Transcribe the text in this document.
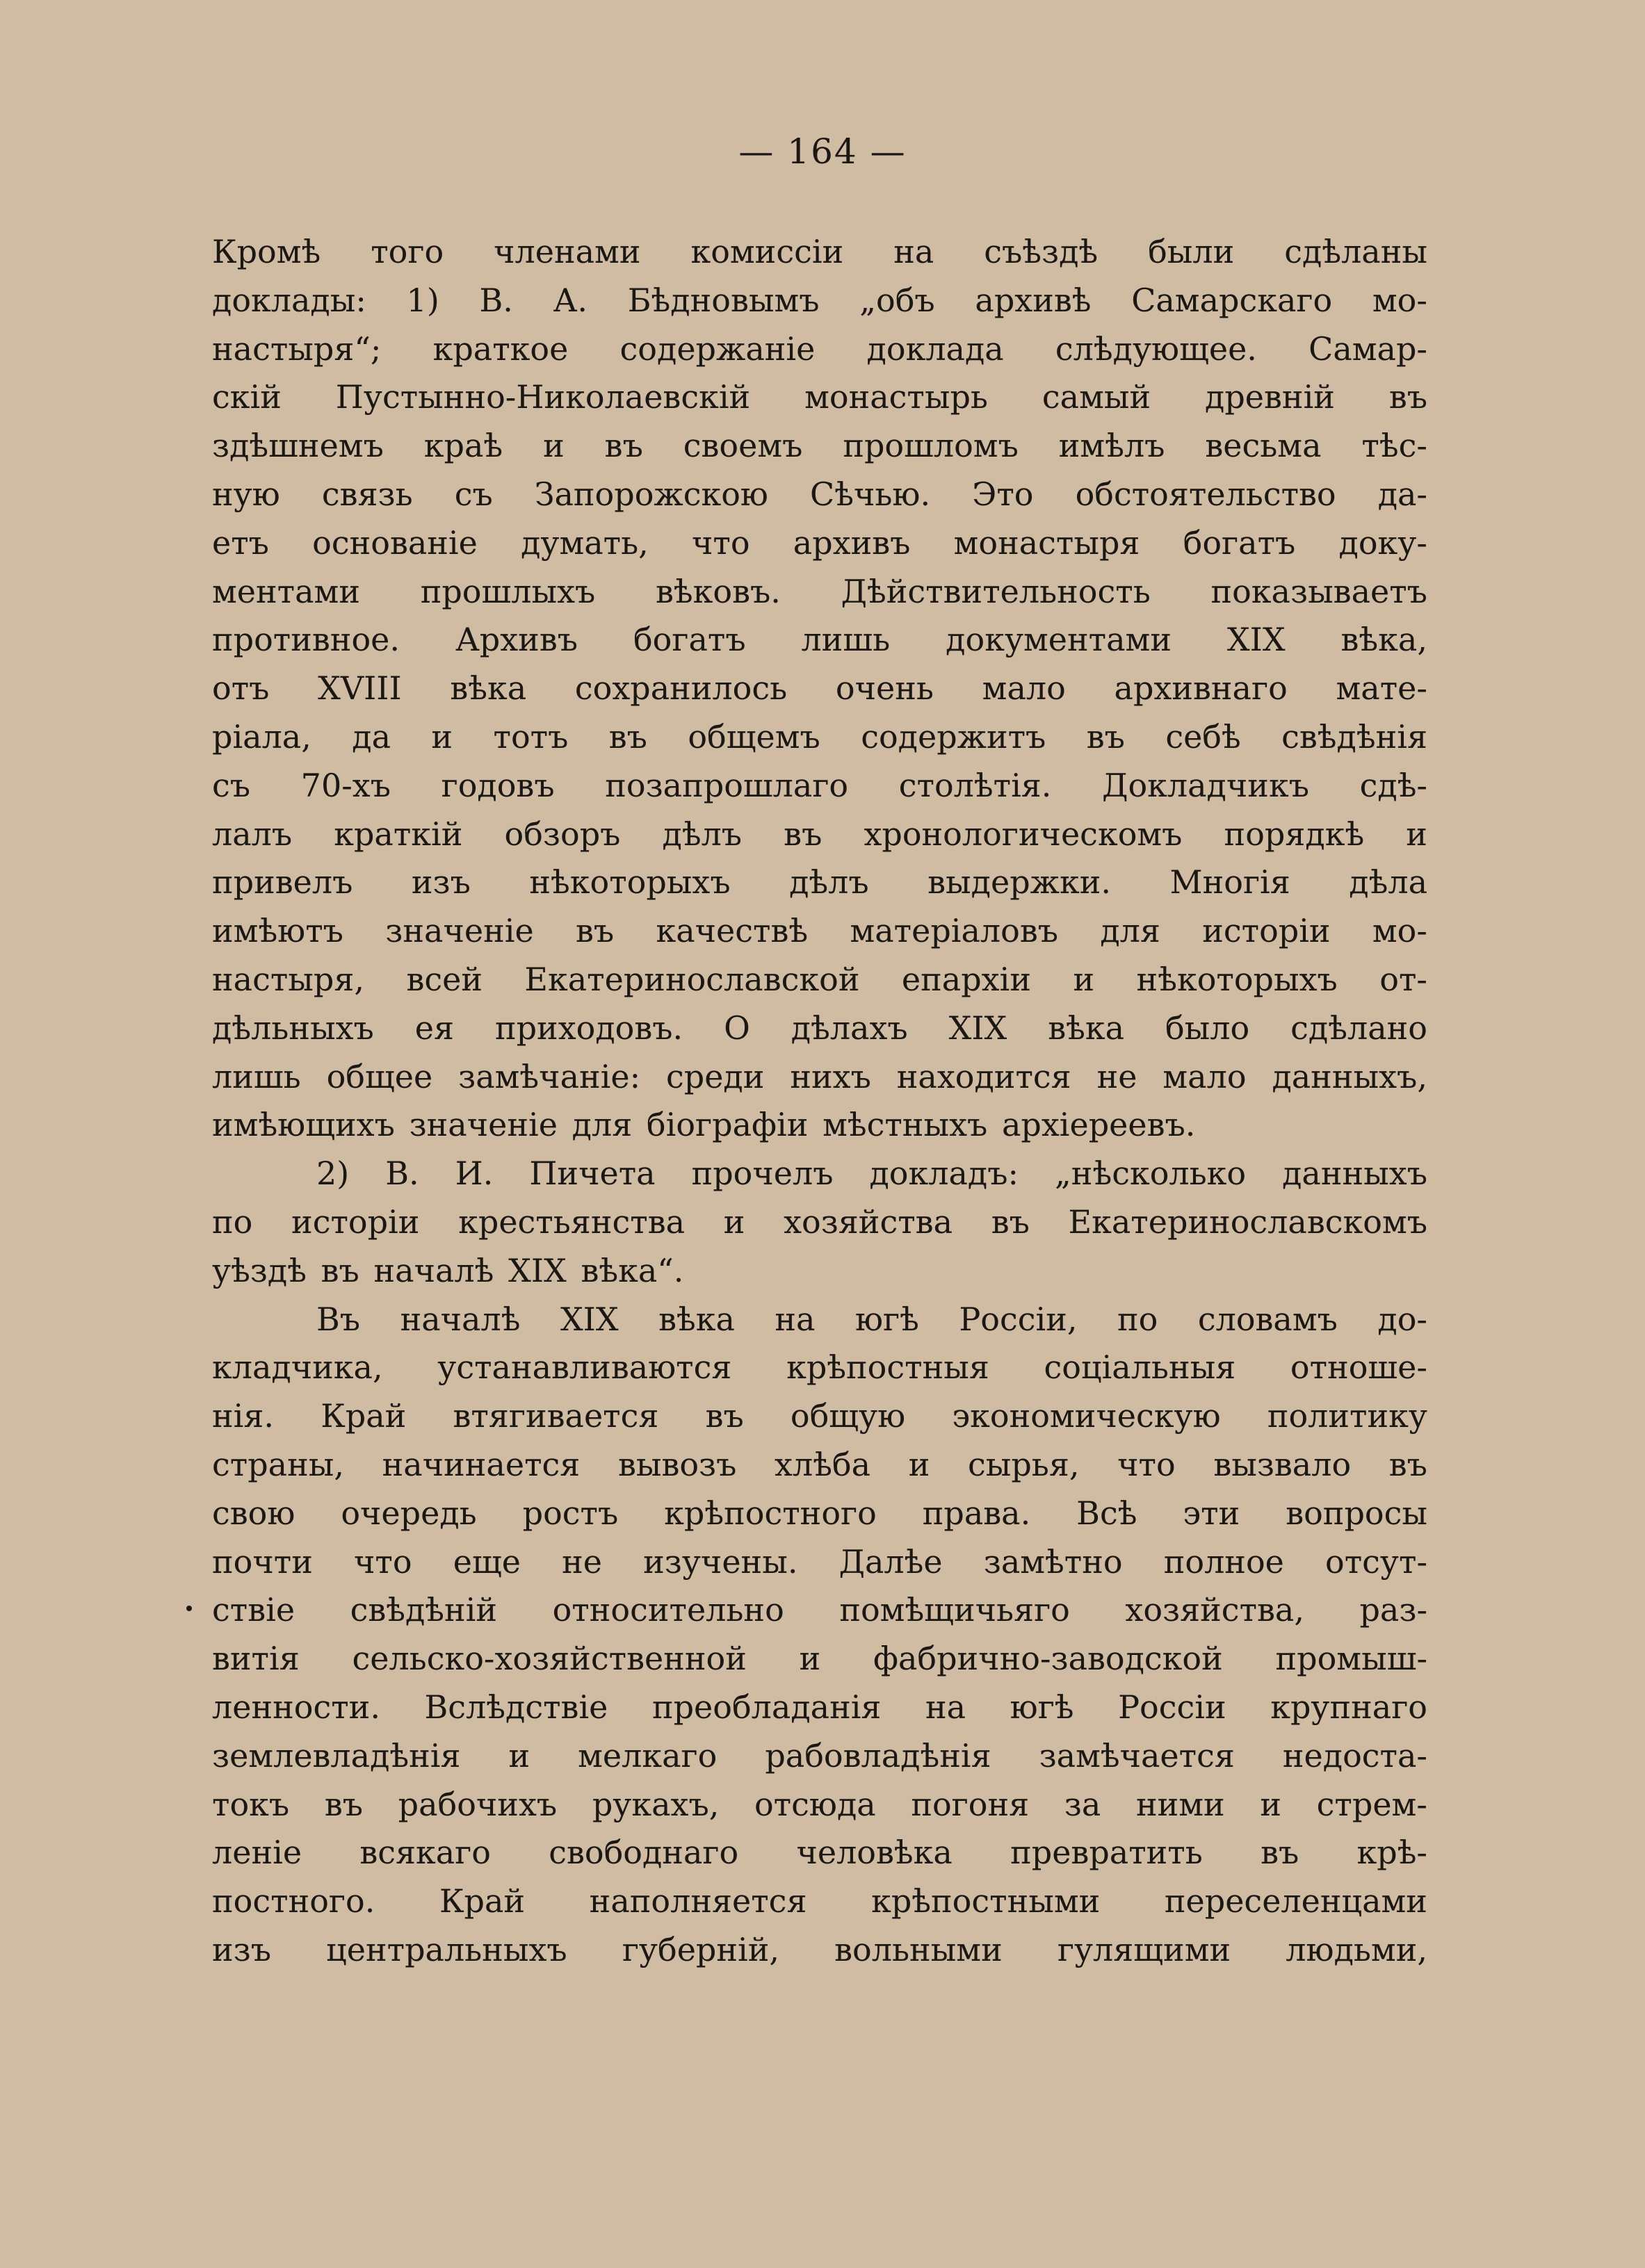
— 164 —
Кромѣ того членами комиссіи на съѣздѣ были сдѣланы
доклады: 1) В. А. Бѣдновымъ „объ архивѣ Самарскаго мо-
настыря“; краткое содержаніе доклада слѣдующее. Самар-
скій Пустынно-Николаевскій монастырь самый древній въ
здѣшнемъ краѣ и въ своемъ прошломъ имѣлъ весьма тѣс-
ную связь съ Запорожскою Сѣчью. Это обстоятельство да-
етъ основаніе думать, что архивъ монастыря богатъ доку-
ментами прошлыхъ вѣковъ. Дѣйствительность показываетъ
противное. Архивъ богатъ лишь документами XIX вѣка,
отъ XVIII вѣка сохранилось очень мало архивнаго мате-
ріала, да и тотъ въ общемъ содержитъ въ себѣ свѣдѣнія
съ 70-хъ годовъ позапрошлаго столѣтія. Докладчикъ сдѣ-
лалъ краткій обзоръ дѣлъ въ хронологическомъ порядкѣ и
привелъ изъ нѣкоторыхъ дѣлъ выдержки. Многія дѣла
имѣютъ значеніе въ качествѣ матеріаловъ для исторіи мо-
настыря, всей Екатеринославской епархіи и нѣкоторыхъ от-
дѣльныхъ ея приходовъ. О дѣлахъ XIX вѣка было сдѣлано
лишь общее замѣчаніе: среди нихъ находится не мало данныхъ,
имѣющихъ значеніе для біографіи мѣстныхъ архіереевъ.
2) В. И. Пичета прочелъ докладъ: „нѣсколько данныхъ
по исторіи крестьянства и хозяйства въ Екатеринославскомъ
уѣздѣ въ началѣ XIX вѣка“.
Въ началѣ XIX вѣка на югѣ Россіи, по словамъ до-
кладчика, устанавливаются крѣпостныя соціальныя отноше-
нія. Край втягивается въ общую экономическую политику
страны, начинается вывозъ хлѣба и сырья, что вызвало въ
свою очередь ростъ крѣпостного права. Всѣ эти вопросы
почти что еще не изучены. Далѣе замѣтно полное отсут-
ствіе свѣдѣній относительно помѣщичьяго хозяйства, раз-
витія сельско-хозяйственной и фабрично-заводской промыш-
ленности. Вслѣдствіе преобладанія на югѣ Россіи крупнаго
землевладѣнія и мелкаго рабовладѣнія замѣчается недоста-
токъ въ рабочихъ рукахъ, отсюда погоня за ними и стрем-
леніе всякаго свободнаго человѣка превратить въ крѣ-
постного. Край наполняется крѣпостными переселенцами
изъ центральныхъ губерній, вольными гулящими людьми,
